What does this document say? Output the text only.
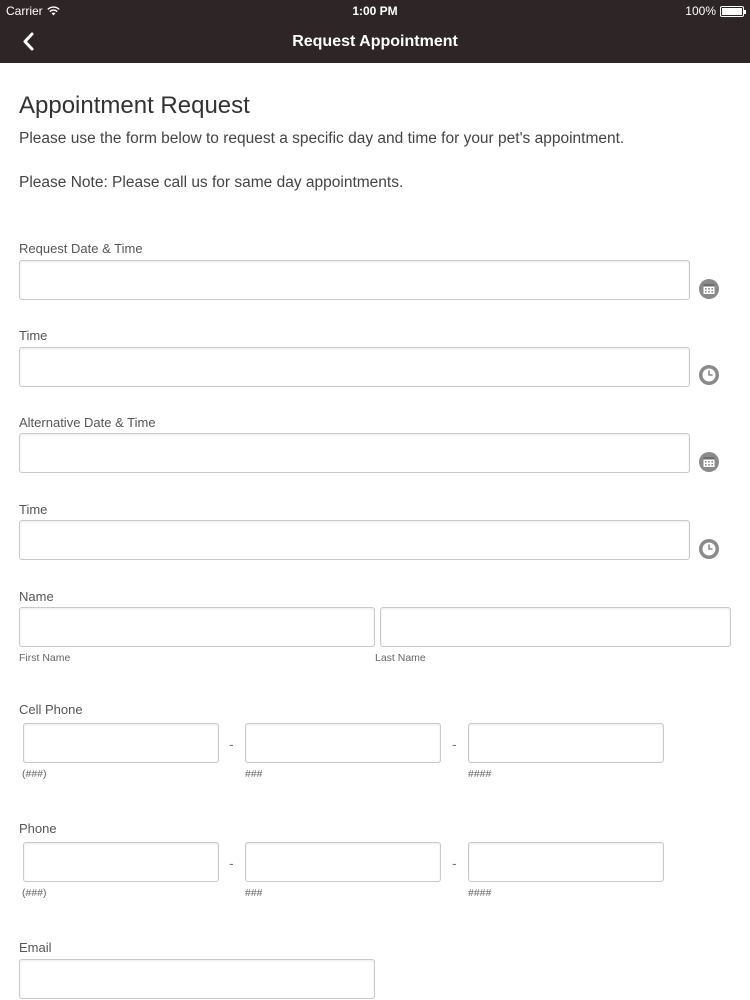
Carrier	1:00 PM	100%
Request Appointment
Appointment Request

Please use the form below to request a specific day and time for your pet's appointment.

Please Note: Please call us for same day appointments.

Request Date & Time
Time
Alternative Date & Time
Time
Name
First Name	Last Name
Cell Phone
-	-
(###)	###	####
Phone
-	-
(###)	###	####
Email
